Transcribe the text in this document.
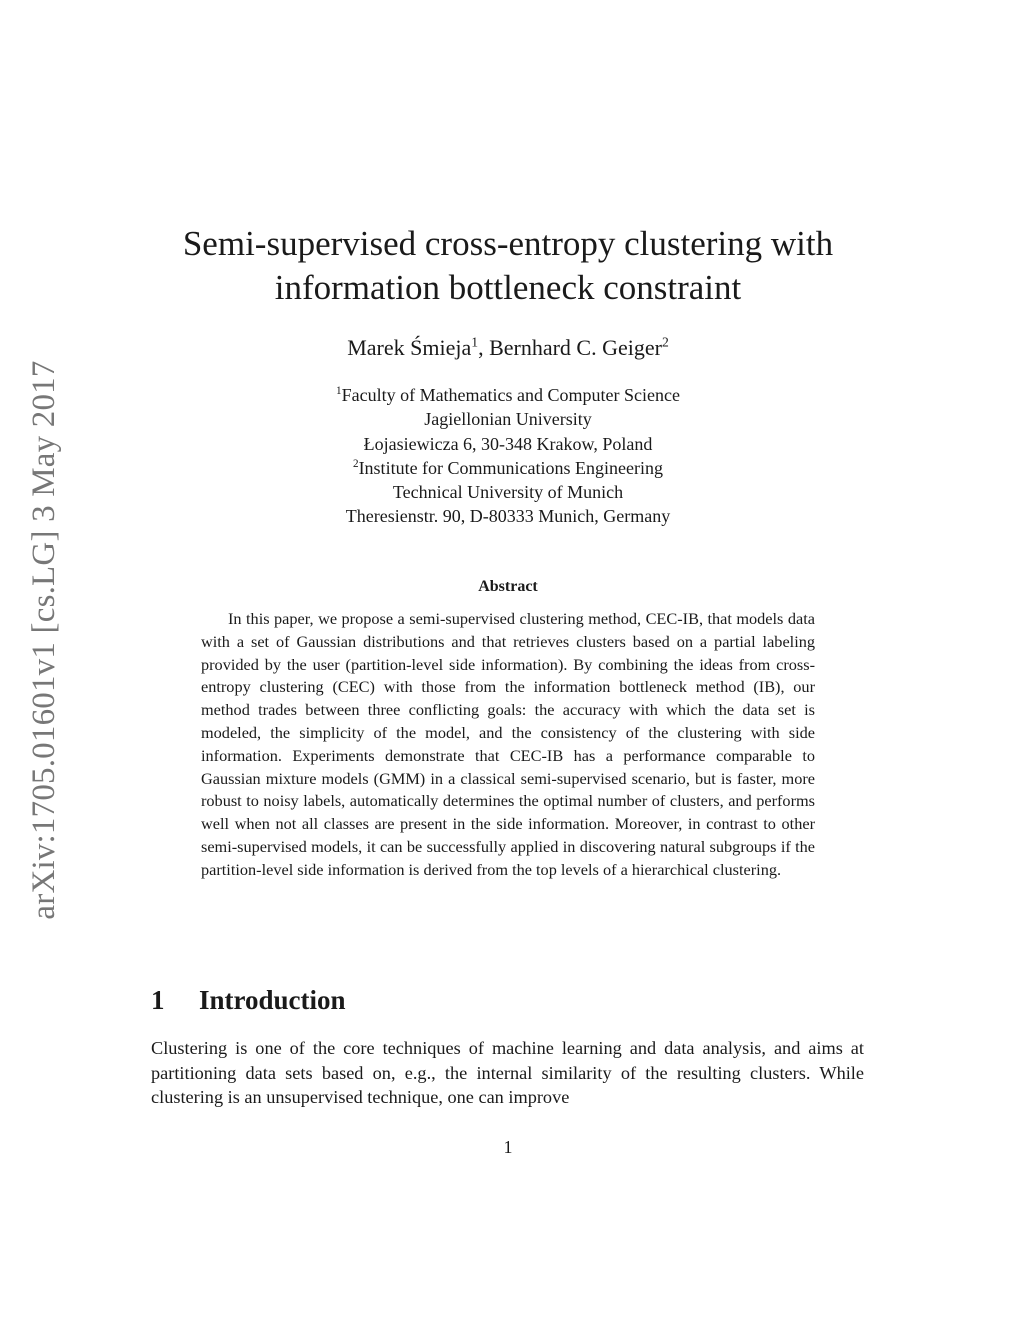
arXiv:1705.01601v1 [cs.LG] 3 May 2017
Semi-supervised cross-entropy clustering with
information bottleneck constraint
Marek Śmieja$^1$, Bernhard C. Geiger$^2$
$^1$Faculty of Mathematics and Computer Science
Jagiellonian University
Łojasiewicza 6, 30-348 Krakow, Poland
$^2$Institute for Communications Engineering
Technical University of Munich
Theresienstr. 90, D-80333 Munich, Germany
Abstract

In this paper, we propose a semi-supervised clustering method, CEC-IB, that models data with a set of Gaussian distributions and that retrieves clusters based on a partial labeling provided by the user (partition-level side information). By combining the ideas from cross-entropy clustering (CEC) with those from the information bottleneck method (IB), our method trades between three conflicting goals: the accuracy with which the data set is modeled, the simplicity of the model, and the consistency of the clustering with side information. Experiments demonstrate that CEC-IB has a performance comparable to Gaussian mixture models (GMM) in a classical semi-supervised scenario, but is faster, more robust to noisy labels, automatically determines the optimal number of clusters, and performs well when not all classes are present in the side information. Moreover, in contrast to other semi-supervised models, it can be successfully applied in discovering natural subgroups if the partition-level side information is derived from the top levels of a hierarchical clustering.

1 Introduction

Clustering is one of the core techniques of machine learning and data analysis, and aims at partitioning data sets based on, e.g., the internal similarity of the resulting clusters. While clustering is an unsupervised technique, one can improve

1
